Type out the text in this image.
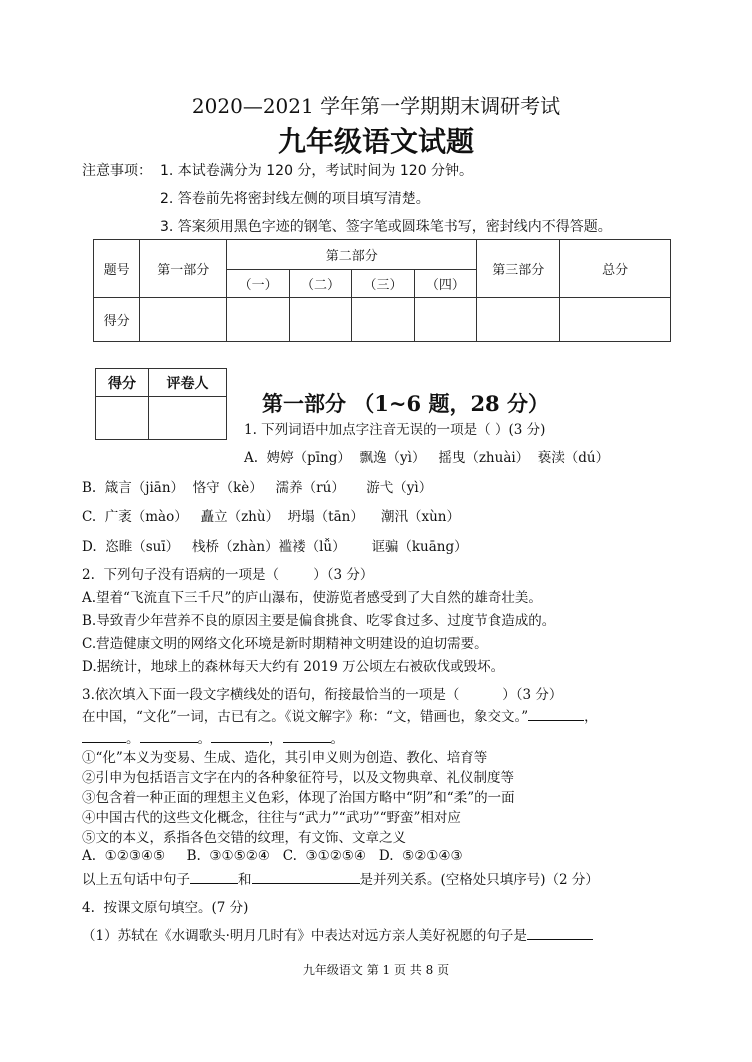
2020—2021 学年第一学期期末调研考试
九年级语文试题
注意事项： 1. 本试卷满分为 120 分，考试时间为 120 分钟。
2. 答卷前先将密封线左侧的项目填写清楚。
3. 答案须用黑色字迹的钢笔、签字笔或圆珠笔书写，密封线内不得答题。
题号	第一部分	第二部分				第三部分	总分
		（一）	（二）	（三）	（四）		
得分							
得分	评卷人

第一部分 （1~6 题，28 分）
1. 下列词语中加点字注音无误的一项是（ ）(3 分)
A.  娉婷（pīng）  飘逸（yì）   摇曳（zhuài）  亵渎（dú）
B.  箴言（jiān）  恪守（kè）   濡养（rú）     游弋（yì）
C.  广袤（mào）   矗立（zhù）  坍塌（tān）    潮汛（xùn）
D.  恣睢（suī）   栈桥（zhàn）褴褛（lǚ）      诓骗（kuāng）
2.  下列句子没有语病的一项是（        ）（3 分）
A.望着“飞流直下三千尺”的庐山瀑布，使游览者感受到了大自然的雄奇壮美。
B.导致青少年营养不良的原因主要是偏食挑食、吃零食过多、过度节食造成的。
C.营造健康文明的网络文化环境是新时期精神文明建设的迫切需要。
D.据统计，地球上的森林每天大约有 2019 万公顷左右被砍伐或毁坏。
3.依次填入下面一段文字横线处的语句，衔接最恰当的一项是（          ）（3 分）
在中国，“文化”一词，古已有之。《说文解字》称：“文，错画也，象交文。”	，
。	。	，	。
①“化”本义为变易、生成、造化，其引申义则为创造、教化、培育等
②引申为包括语言文字在内的各种象征符号，以及文物典章、礼仪制度等
③包含着一种正面的理想主义色彩，体现了治国方略中“阴”和“柔”的一面
④中国古代的这些文化概念，往往与“武力”“武功”“野蛮”相对应
⑤文的本义，系指各色交错的纹理，有文饰、文章之义
A.  ①②③④⑤     B.  ③①⑤②④   C.  ③①②⑤④   D.  ⑤②①④③
以上五句话中句子	和	是并列关系。(空格处只填序号)（2 分）
4.  按课文原句填空。(7 分)
（1）苏轼在《水调歌头·明月几时有》中表达对远方亲人美好祝愿的句子是
九年级语文 第 1 页 共 8 页
